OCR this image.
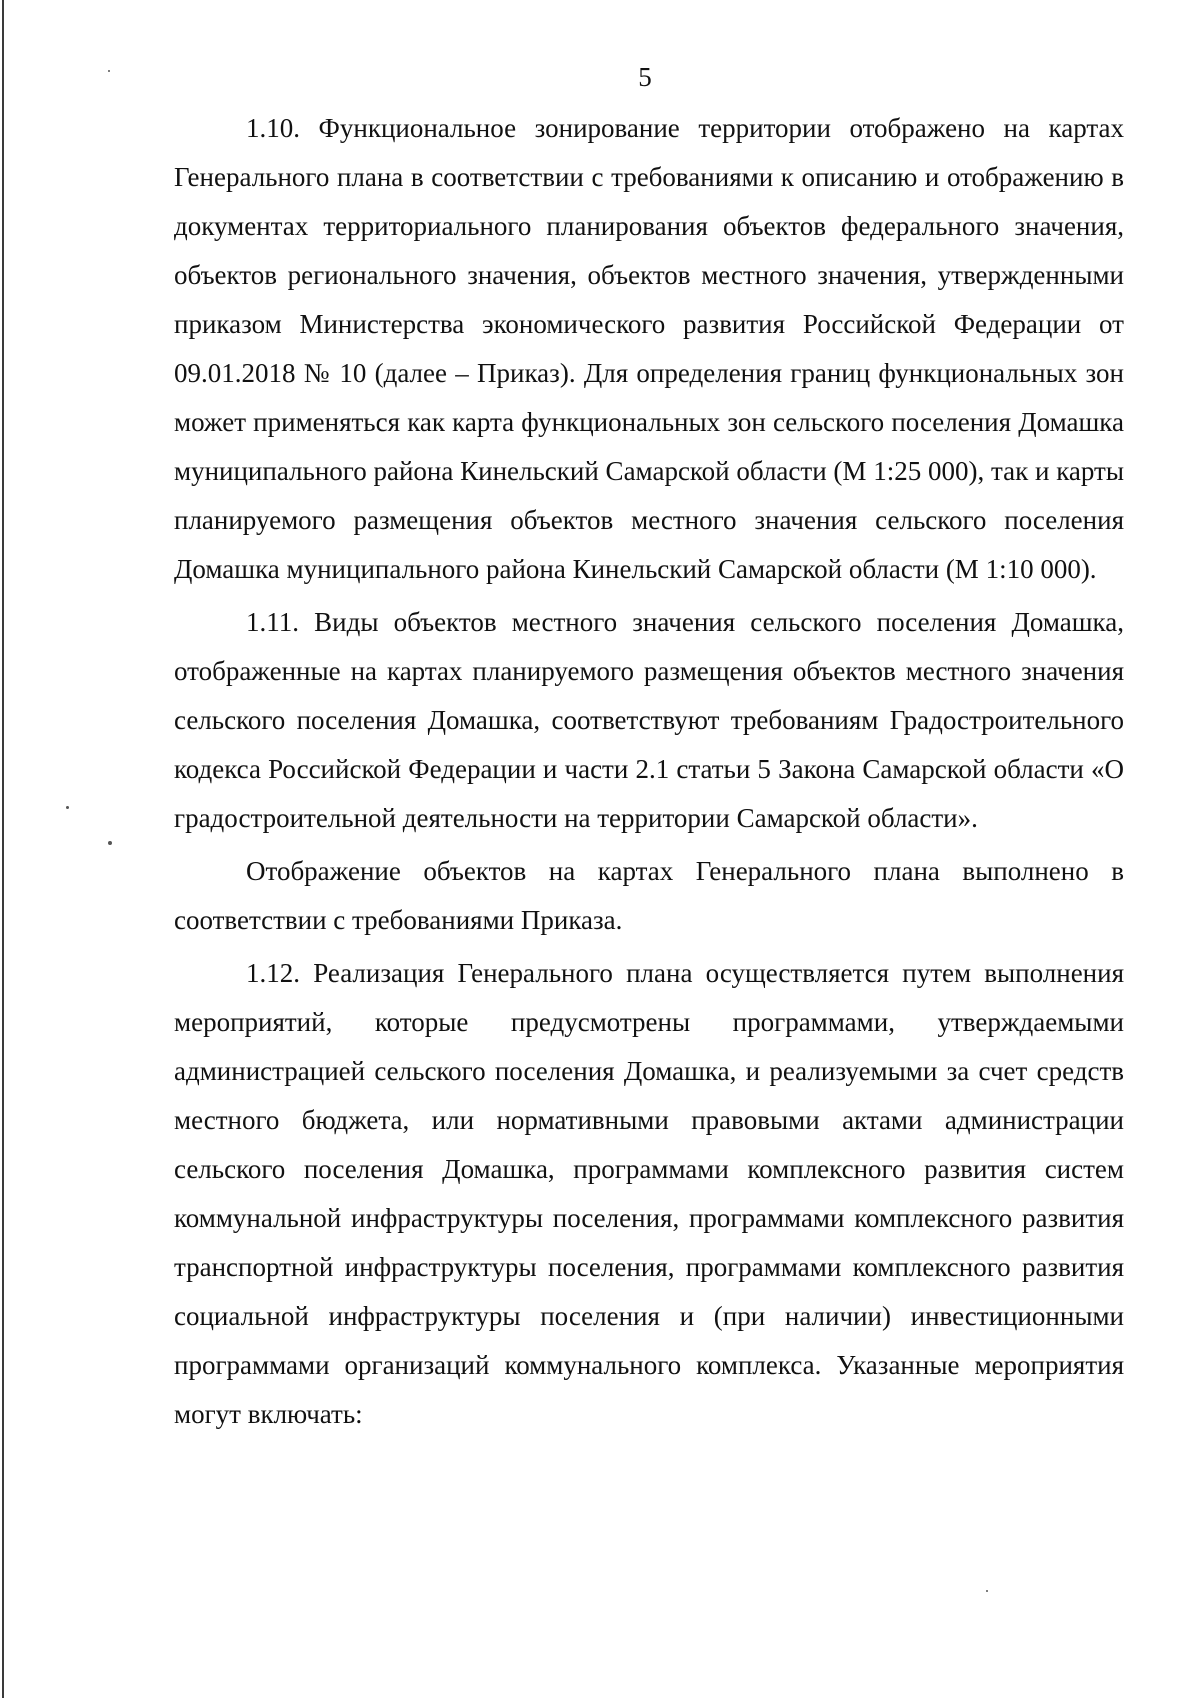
5

1.10. Функциональное зонирование территории отображено на картах Генерального плана в соответствии с требованиями к описанию и отображению в документах территориального планирования объектов федерального значения, объектов регионального значения, объектов местного значения, утвержденными приказом Министерства экономического развития Российской Федерации от 09.01.2018 № 10 (далее – Приказ). Для определения границ функциональных зон может применяться как карта функциональных зон сельского поселения Домашка муниципального района Кинельский Самарской области (М 1:25 000), так и карты планируемого размещения объектов местного значения сельского поселения Домашка муниципального района Кинельский Самарской области (М 1:10 000).

1.11. Виды объектов местного значения сельского поселения Домашка, отображенные на картах планируемого размещения объектов местного значения сельского поселения Домашка, соответствуют требованиям Градостроительного кодекса Российской Федерации и части 2.1 статьи 5 Закона Самарской области «О градостроительной деятельности на территории Самарской области».

Отображение объектов на картах Генерального плана выполнено в соответствии с требованиями Приказа.

1.12. Реализация Генерального плана осуществляется путем выполнения мероприятий, которые предусмотрены программами, утверждаемыми администрацией сельского поселения Домашка, и реализуемыми за счет средств местного бюджета, или нормативными правовыми актами администрации сельского поселения Домашка, программами комплексного развития систем коммунальной инфраструктуры поселения, программами комплексного развития транспортной инфраструктуры поселения, программами комплексного развития социальной инфраструктуры поселения и (при наличии) инвестиционными программами организаций коммунального комплекса. Указанные мероприятия могут включать:
